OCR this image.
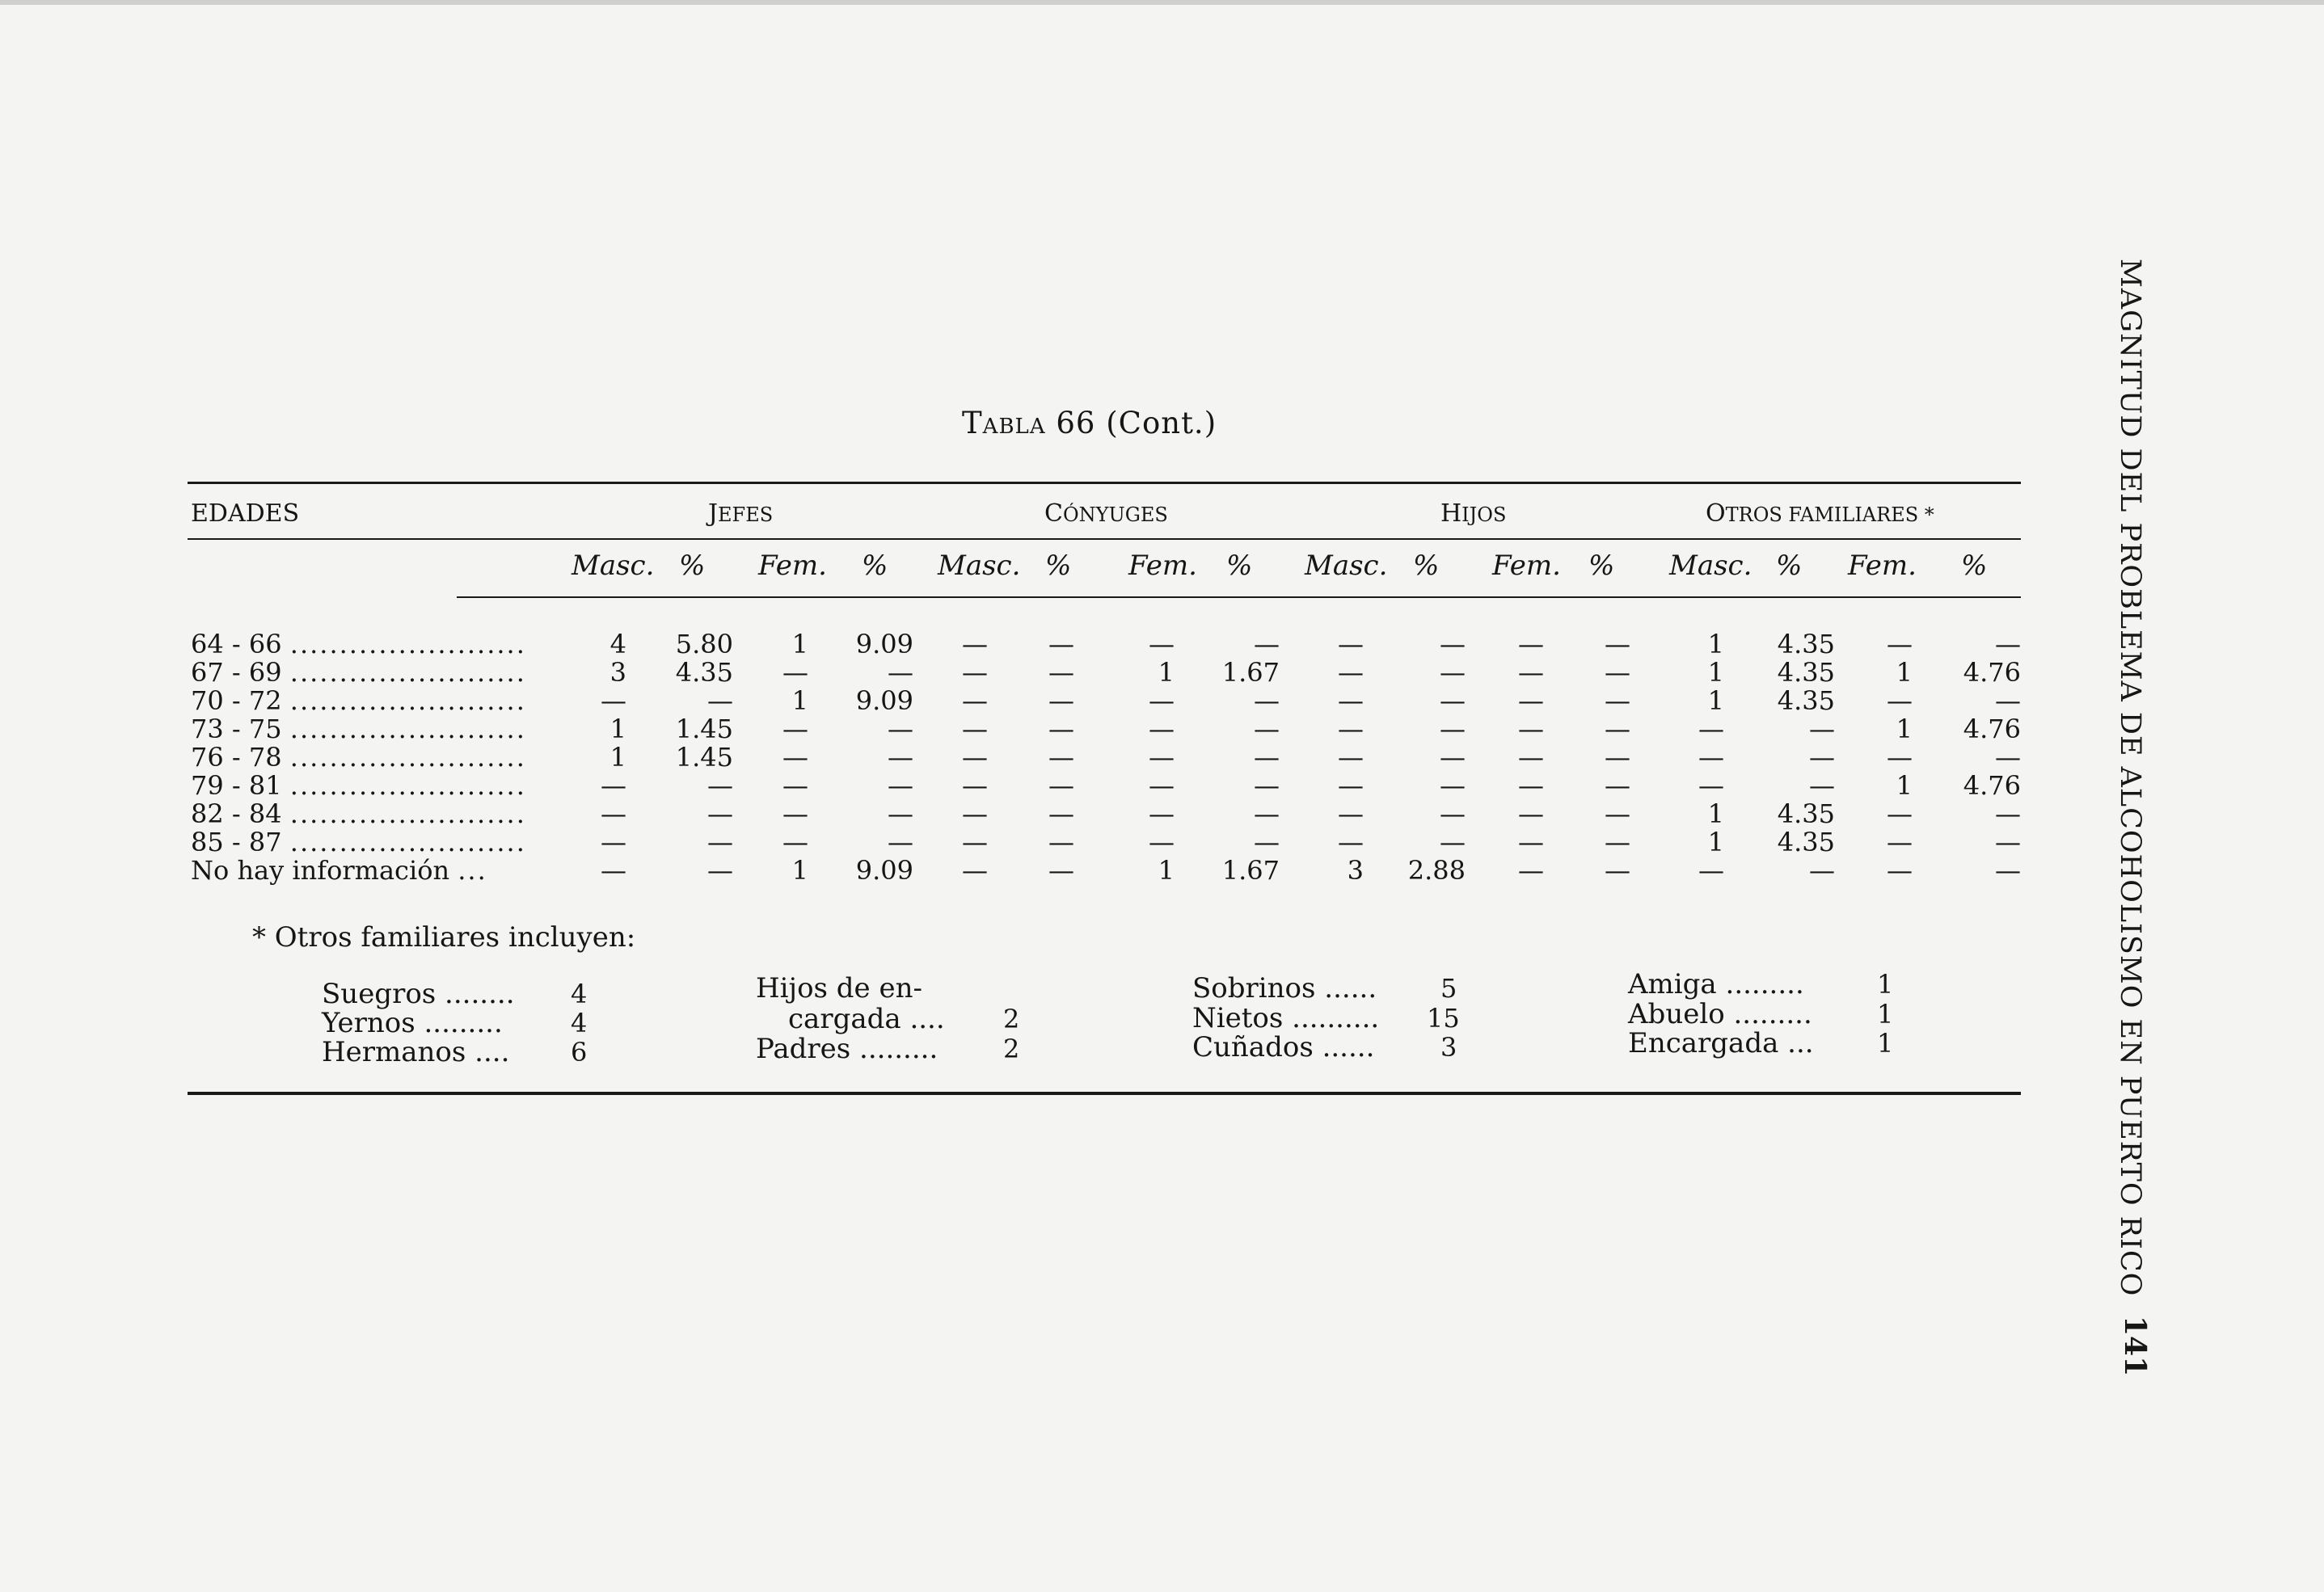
Tabla 66 (Cont.)
EDADES	JEFES	CÓNYUGES	HIJOS	OTROS FAMILIARES *
Masc. % Fem. % Masc. % Fem. % Masc. % Fem. % Masc. % Fem. %
64 - 66 ........................	4 5.80 1 9.09 — —	—	— —	— — —	1 4.35 —	—
67 - 69 ........................	3 4.35 —	— — —	1 1.67 —	— — —	1 4.35 1 4.76
70 - 72 ........................	—	— 1 9.09 — —	—	— —	— — —	1 4.35 —	—
73 - 75 ........................	1 1.45 —	— — —	—	— —	— — —	—	— 1 4.76
76 - 78 ........................	1 1.45 —	— — —	—	— —	— — —	—	— —	—
79 - 81 ........................	—	— —	— — —	—	— —	— — —	—	— 1 4.76
82 - 84 ........................	—	— —	— — —	—	— —	— — —	1 4.35 —	—
85 - 87 ........................	—	— —	— — —	—	— —	— — —	1 4.35 —	—
No hay información ...	—	— 1 9.09 — —	1 1.67	3 2.88 — —	—	— —	—
* Otros familiares incluyen:
Suegros ........ 4
Yernos .........	4
Hermanos .... 6
Hijos de en-
cargada .... 2
Padres .........	2
Sobrinos ...... 5
Nietos .......... 15
Cuñados ......	3
Amiga .........	1
Abuelo .........	1
Encargada ... 1	MAGNITUD DEL PROBLEMA DE ALCOHOLISMO EN PUERTO RICO
141
